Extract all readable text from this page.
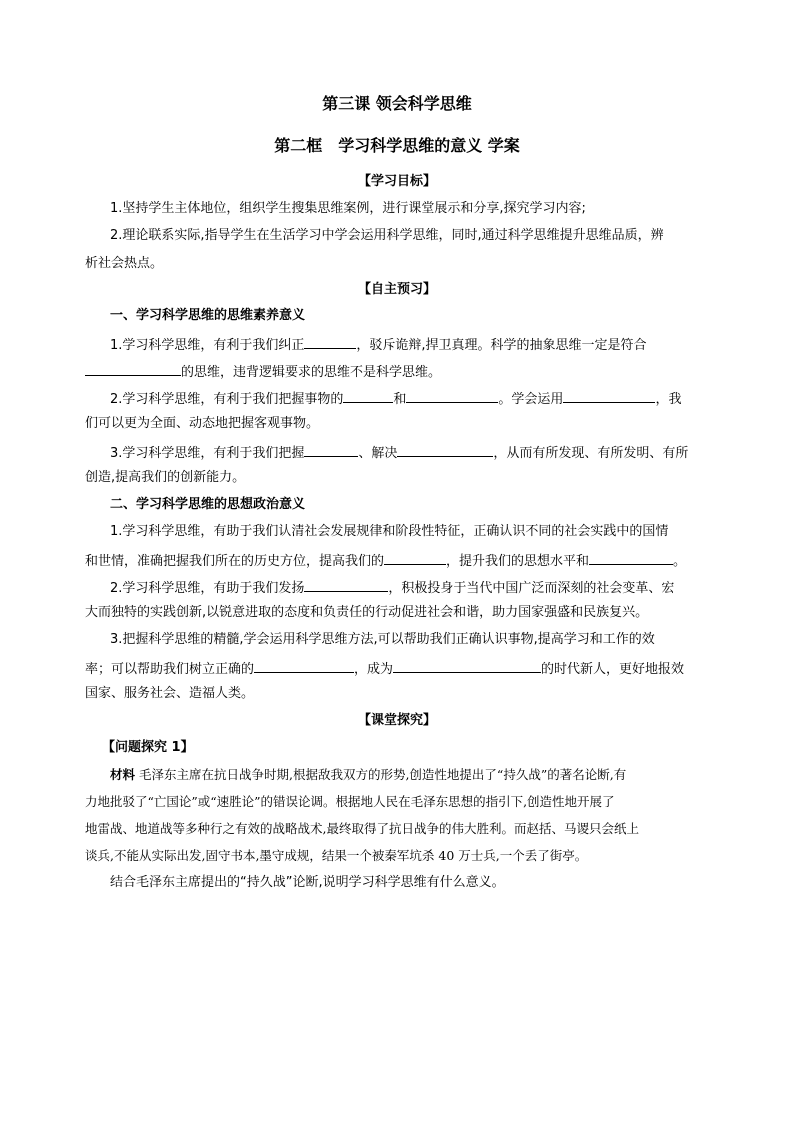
第三课 领会科学思维
第二框　学习科学思维的意义 学案
【学习目标】
1.坚持学生主体地位，组织学生搜集思维案例，进行课堂展示和分享,探究学习内容;
2.理论联系实际,指导学生在生活学习中学会运用科学思维，同时,通过科学思维提升思维品质，辨
析社会热点。
【自主预习】
一、学习科学思维的思维素养意义
1.学习科学思维，有利于我们纠正	，驳斥诡辩,捍卫真理。科学的抽象思维一定是符合
的思维，违背逻辑要求的思维不是科学思维。
2.学习科学思维，有利于我们把握事物的	和	。学会运用	，我
们可以更为全面、动态地把握客观事物。
3.学习科学思维，有利于我们把握	、解决	，从而有所发现、有所发明、有所
创造,提高我们的创新能力。
二、学习科学思维的思想政治意义
1.学习科学思维，有助于我们认清社会发展规律和阶段性特征，正确认识不同的社会实践中的国情
和世情，准确把握我们所在的历史方位，提高我们的	，提升我们的思想水平和	。
2.学习科学思维，有助于我们发扬	，积极投身于当代中国广泛而深刻的社会变革、宏
大而独特的实践创新,以锐意进取的态度和负责任的行动促进社会和谐，助力国家强盛和民族复兴。
3.把握科学思维的精髓,学会运用科学思维方法,可以帮助我们正确认识事物,提高学习和工作的效
率；可以帮助我们树立正确的	，成为	的时代新人，更好地报效
国家、服务社会、造福人类。
【课堂探究】
【问题探究 1】
材料 毛泽东主席在抗日战争时期,根据敌我双方的形势,创造性地提出了“持久战”的著名论断,有
力地批驳了“亡国论”或“速胜论”的错误论调。根据地人民在毛泽东思想的指引下,创造性地开展了
地雷战、地道战等多种行之有效的战略战术,最终取得了抗日战争的伟大胜利。而赵括、马谡只会纸上
谈兵,不能从实际出发,固守书本,墨守成规，结果一个被秦军坑杀 40 万士兵,一个丢了街亭。
结合毛泽东主席提出的“持久战”论断,说明学习科学思维有什么意义。
